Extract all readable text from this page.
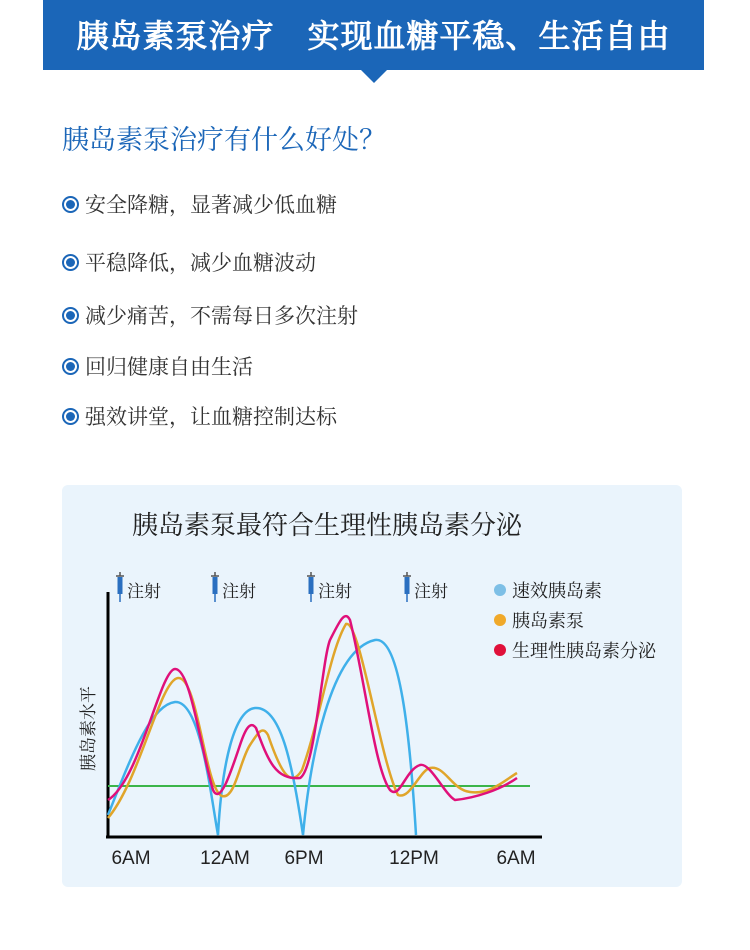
胰岛素泵治疗　实现血糖平稳、生活自由
胰岛素泵治疗有什么好处？
安全降糖，显著减少低血糖
平稳降低，减少血糖波动
减少痛苦，不需每日多次注射
回归健康自由生活
强效讲堂，让血糖控制达标
胰岛素泵最符合生理性胰岛素分泌
6AM	12AM 6PM	12PM	6AM
胰岛素水平
注射	注射	注射	注射	速效胰岛素
胰岛素泵
生理性胰岛素分泌
